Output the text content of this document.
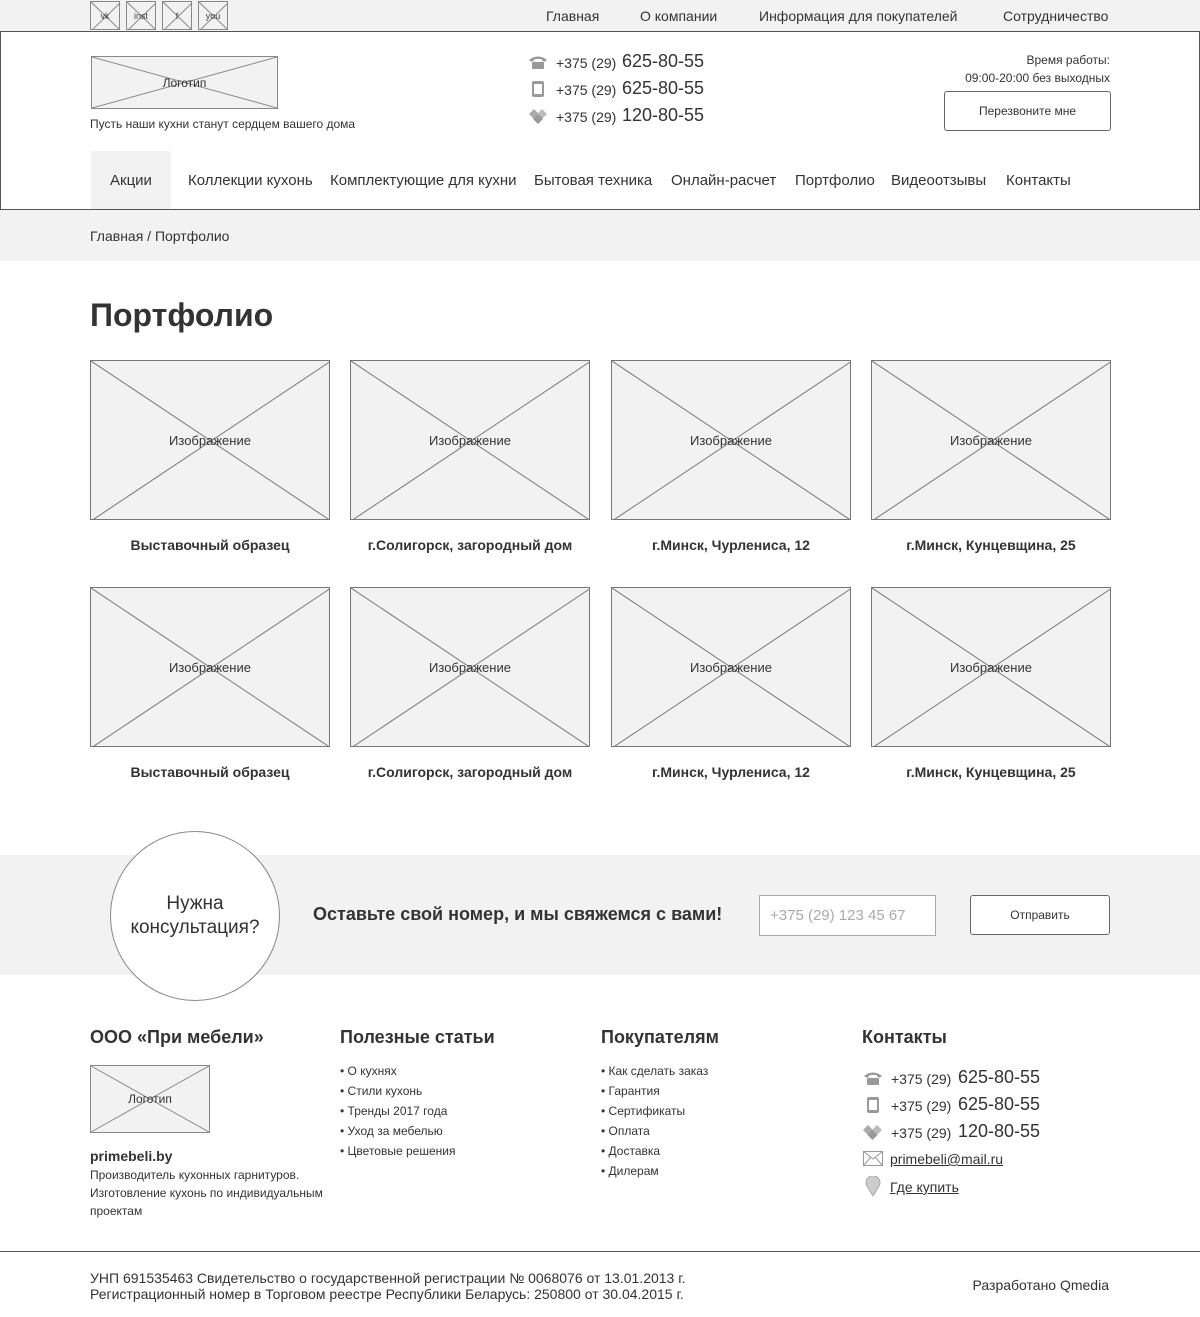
vk	inst	f	you	Главная	О компании	Информация для покупателей	Сотрудничество
Логотип
Пусть наши кухни станут сердцем вашего дома
+375 (29) 625-80-55
+375 (29) 625-80-55
+375 (29) 120-80-55
Время работы:
09:00-20:00 без выходных
Перезвоните мне
Акции Коллекции кухонь Комплектующие для кухни Бытовая техника Онлайн-расчет Портфолио Видеоотзывы Контакты
Главная / Портфолио
Портфолио
Изображение
Выставочный образец
Изображение
г.Солигорск, загородный дом
Изображение
г.Минск, Чурлениса, 12
Изображение
г.Минск, Кунцевщина, 25
Изображение
Выставочный образец
Изображение
г.Солигорск, загородный дом
Изображение
г.Минск, Чурлениса, 12
Изображение
г.Минск, Кунцевщина, 25
Нужна
консультация?
Оставьте свой номер, и мы свяжемся с вами!
+375 (29) 123 45 67	Отправить
ООО «При мебели»
Логотип
primebeli.by
Производитель кухонных гарнитуров. Изготовление кухонь по индивидуальным проектам
Полезные статьи
• О кухнях
• Стили кухонь
• Тренды 2017 года
• Уход за мебелью
• Цветовые решения
Покупателям
• Как сделать заказ
• Гарантия
• Сертификаты
• Оплата
• Доставка
• Дилерам
Контакты
+375 (29) 625-80-55
+375 (29) 625-80-55
+375 (29) 120-80-55
primebeli@mail.ru
Где купить
УНП 691535463 Свидетельство о государственной регистрации № 0068076 от 13.01.2013 г.
Регистрационный номер в Торговом реестре Республики Беларусь: 250800 от 30.04.2015 г.
Разработано Qmedia
